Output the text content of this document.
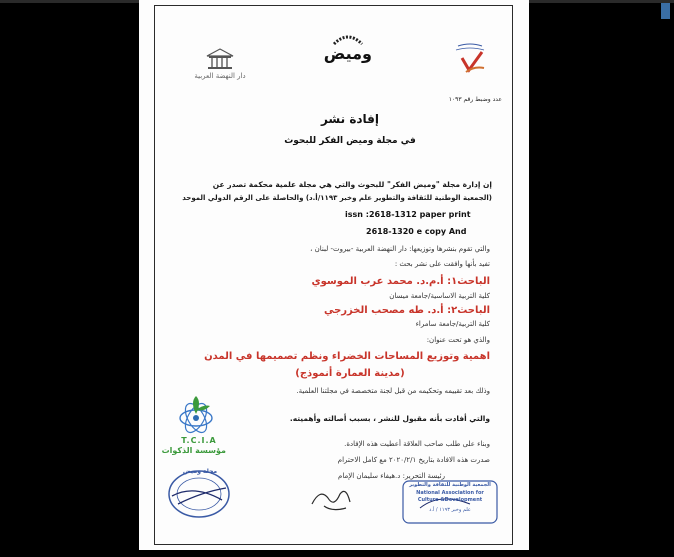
دار النهضة العربية
وميض
عدد وضبط رقم ١٠٩٣
إفادة نشر
في مجلة وميض الفكر للبحوث
إن إدارة مجلة "وميض الفكر" للبحوث والتي هي مجلة علمية محكمة تصدر عن
(الجمعية الوطنية للثقافة والتطوير علم وخبر ١١٩٣/أ.د) والحاصلة على الرقم الدولي الموحد
issn :2618-1312 paper print
2618-1320 e copy And
والتي تقوم بنشرها وتوزيعها: دار النهضة العربية -بيروت- لبنان ،
تفيد بأنها وافقت على نشر بحث :
الباحث١: أ.م.د. محمد عرب الموسوي
كلية التربية الاساسية/جامعة ميسان
الباحث٢: أ.د. طه مصحب الخزرجي
كلية التربية/جامعة سامراء
والذي هو تحت عنوان:
اهمية وتوزيع المساحات الخضراء ونظم تصميمها في المدن
(مدينة العمارة أنموذج)
وذلك بعد تقييمه وتحكيمه من قبل لجنة متخصصة في مجلتنا العلمية.
والتي أفادت بأنه مقبول للنشر ، بسبب أصالته وأهميته.
وبناء على طلب صاحب العلاقة أعطيت هذه الإفادة.
صدرت هذه الافادة بتاريخ ٢٠٢٠/٢/١ مع كامل الاحترام
رئيسة التحرير: د.هيفاء سليمان الإمام
T.C.I.A
مؤسسة الذكوات
مجلة وميض
الجمعية الوطنية للثقافة والتطوير
National Association for
Culture &Development
علم وخبر ١١٩٣ / أ.د
